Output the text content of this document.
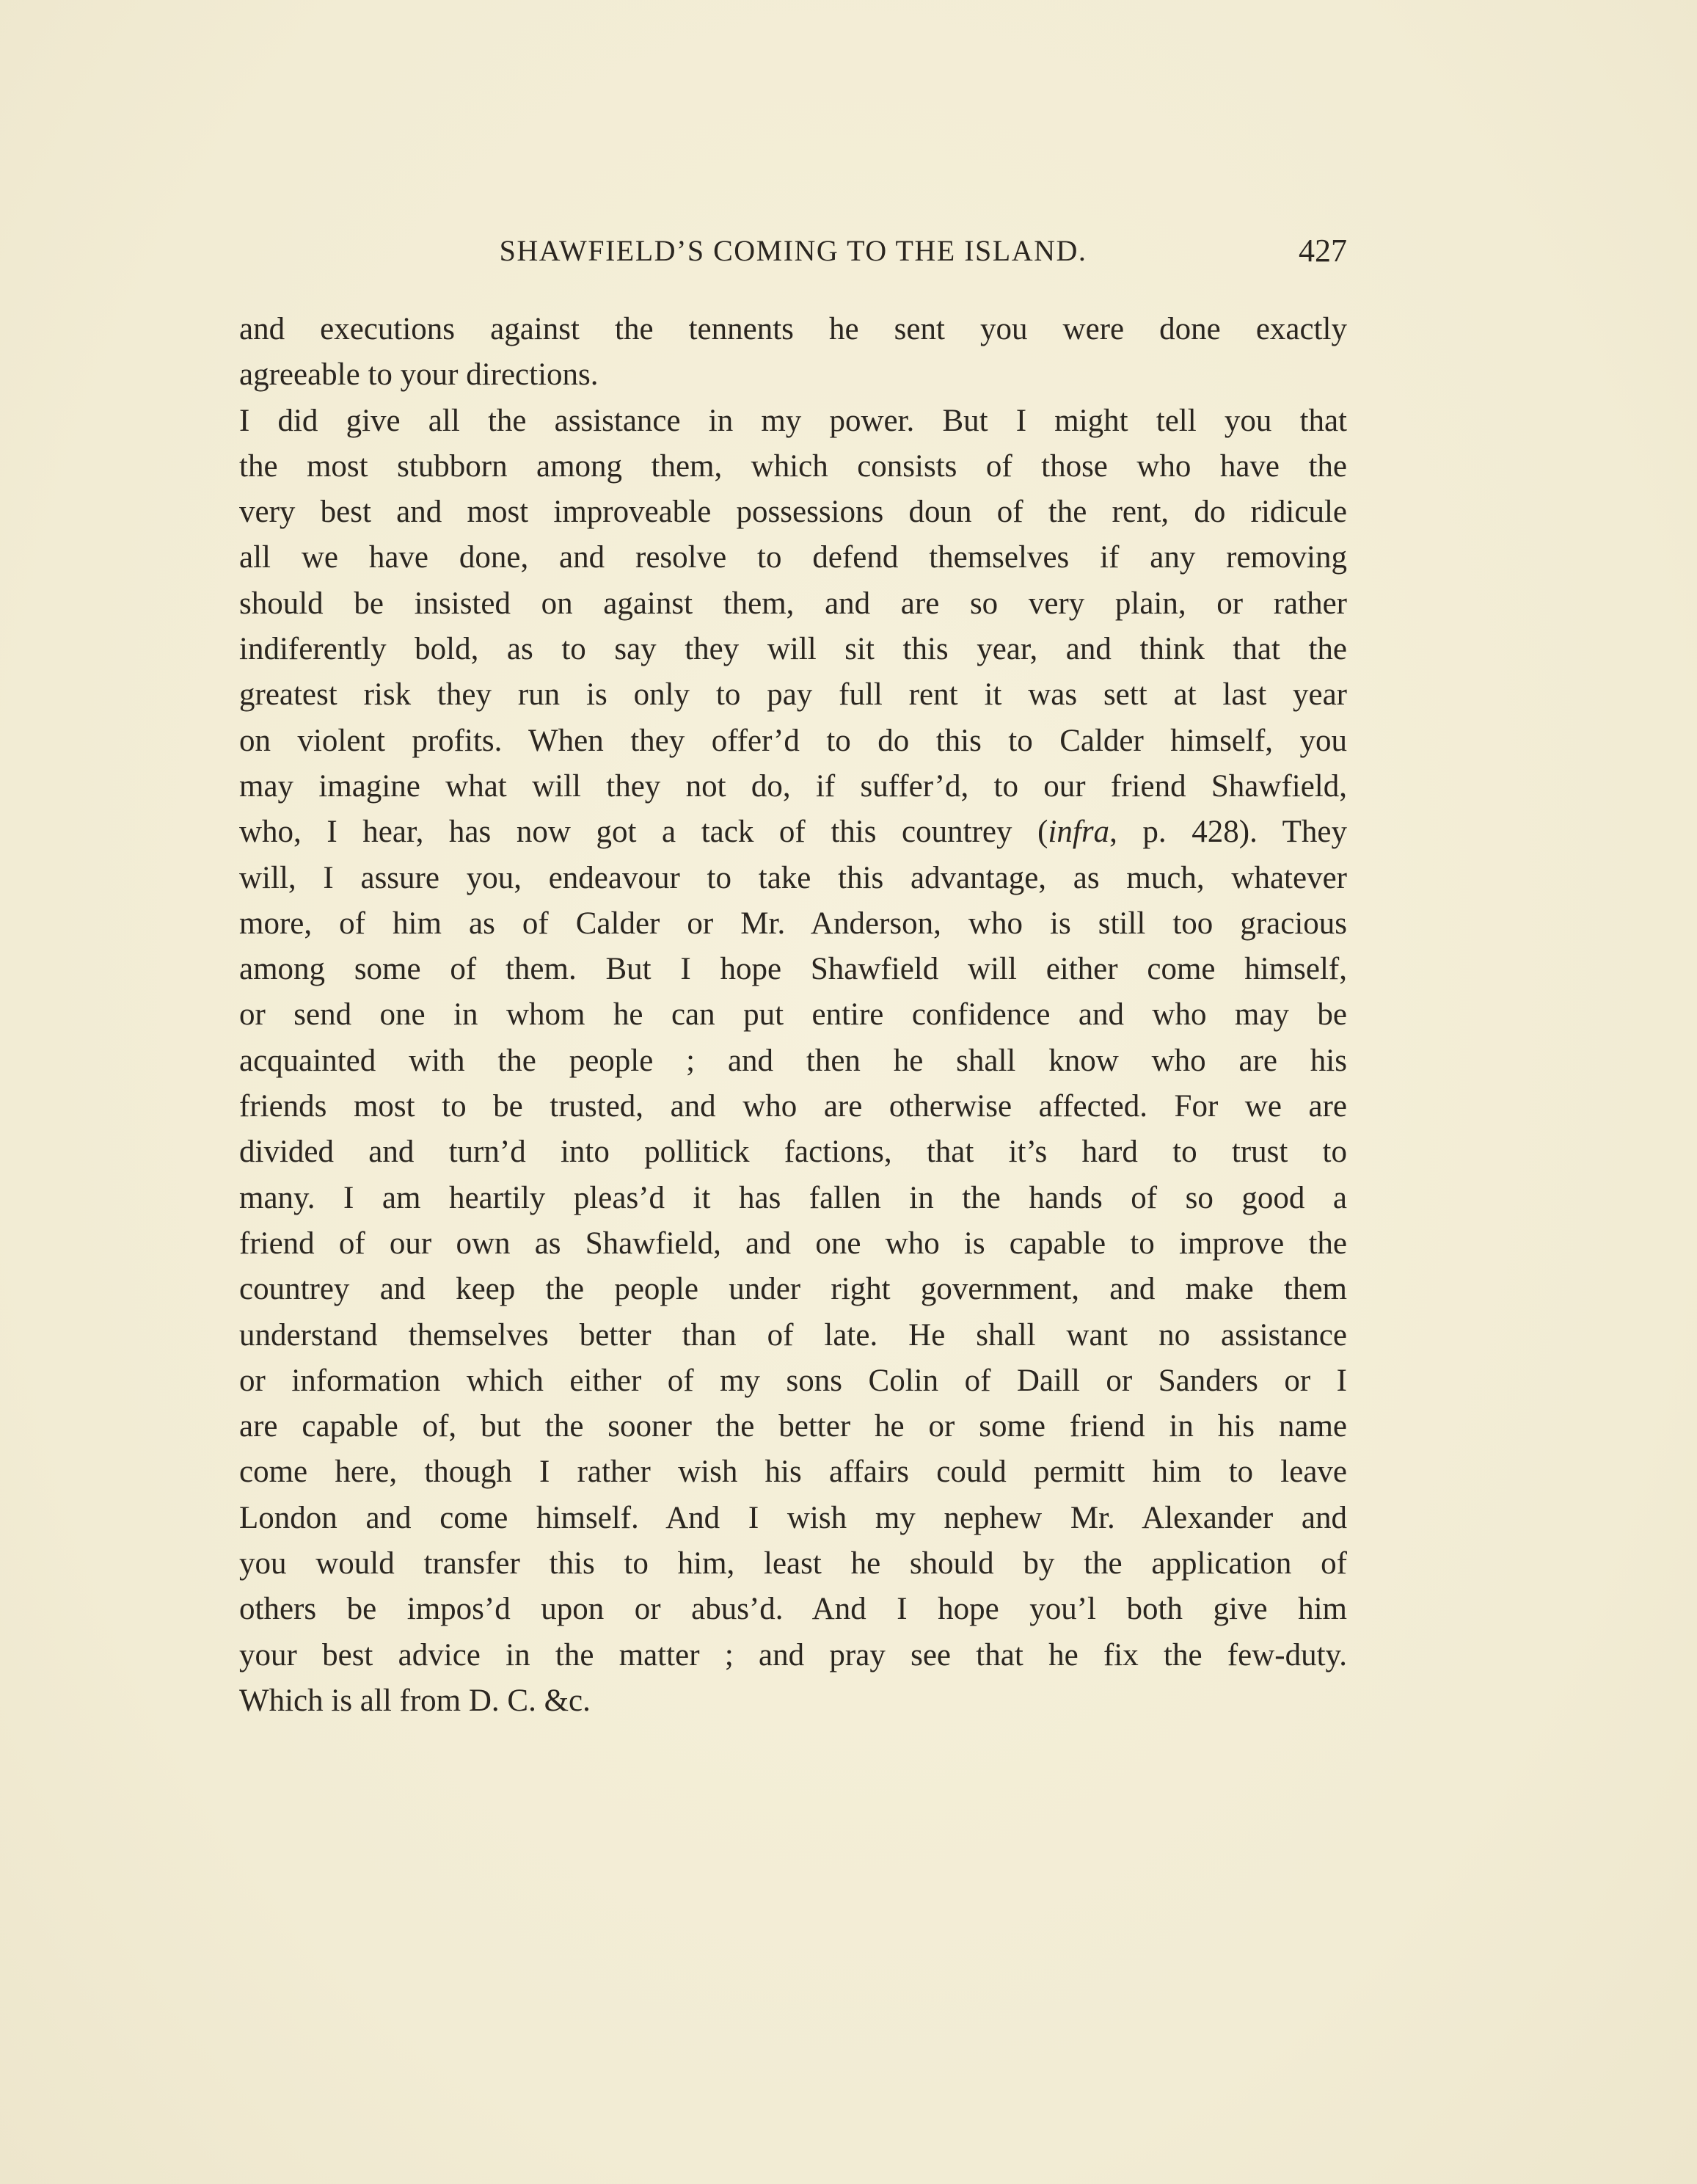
SHAWFIELD’S COMING TO THE ISLAND.	427
and executions against the tennents he sent you were done exactly
agreeable to your directions.
I did give all the assistance in my power. But I might tell you that
the most stubborn among them, which consists of those who have the
very best and most improveable possessions doun of the rent, do ridicule
all we have done, and resolve to defend themselves if any removing
should be insisted on against them, and are so very plain, or rather
indiferently bold, as to say they will sit this year, and think that the
greatest risk they run is only to pay full rent it was sett at last year
on violent profits. When they offer’d to do this to Calder himself, you
may imagine what will they not do, if suffer’d, to our friend Shawfield,
who, I hear, has now got a tack of this countrey (infra, p. 428). They
will, I assure you, endeavour to take this advantage, as much, whatever
more, of him as of Calder or Mr. Anderson, who is still too gracious
among some of them. But I hope Shawfield will either come himself,
or send one in whom he can put entire confidence and who may be
acquainted with the people ; and then he shall know who are his
friends most to be trusted, and who are otherwise affected. For we are
divided and turn’d into pollitick factions, that it’s hard to trust to
many. I am heartily pleas’d it has fallen in the hands of so good a
friend of our own as Shawfield, and one who is capable to improve the
countrey and keep the people under right government, and make them
understand themselves better than of late. He shall want no assistance
or information which either of my sons Colin of Daill or Sanders or I
are capable of, but the sooner the better he or some friend in his name
come here, though I rather wish his affairs could permitt him to leave
London and come himself. And I wish my nephew Mr. Alexander and
you would transfer this to him, least he should by the application of
others be impos’d upon or abus’d. And I hope you’l both give him
your best advice in the matter ; and pray see that he fix the few-duty.
Which is all from D. C. &c.
